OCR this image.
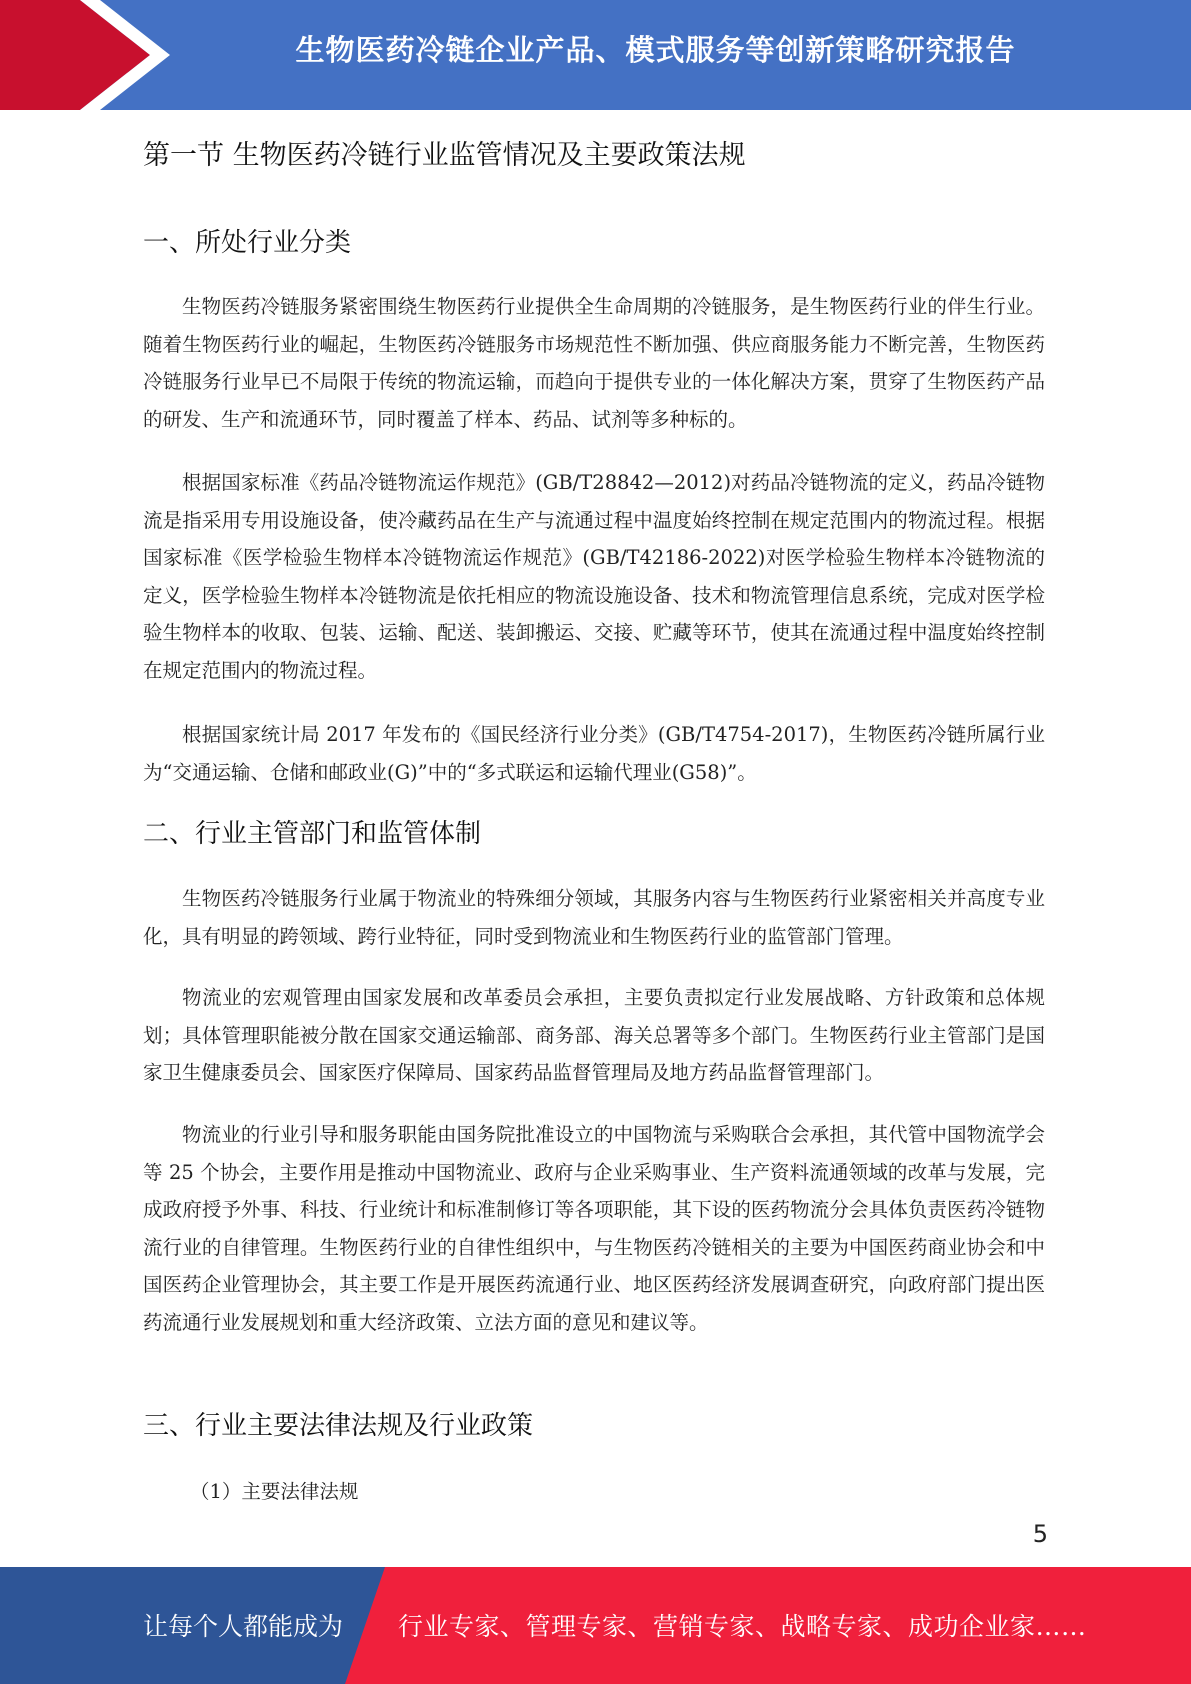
生物医药冷链企业产品、模式服务等创新策略研究报告
第一节 生物医药冷链行业监管情况及主要政策法规
一、所处行业分类

生物医药冷链服务紧密围绕生物医药行业提供全生命周期的冷链服务，是生物医药行业的伴生行业。随着生物医药行业的崛起，生物医药冷链服务市场规范性不断加强、供应商服务能力不断完善，生物医药冷链服务行业早已不局限于传统的物流运输，而趋向于提供专业的一体化解决方案，贯穿了生物医药产品的研发、生产和流通环节，同时覆盖了样本、药品、试剂等多种标的。

根据国家标准《药品冷链物流运作规范》(GB/T28842—2012)对药品冷链物流的定义，药品冷链物流是指采用专用设施设备，使冷藏药品在生产与流通过程中温度始终控制在规定范围内的物流过程。根据国家标准《医学检验生物样本冷链物流运作规范》(GB/T42186-2022)对医学检验生物样本冷链物流的定义，医学检验生物样本冷链物流是依托相应的物流设施设备、技术和物流管理信息系统，完成对医学检验生物样本的收取、包装、运输、配送、装卸搬运、交接、贮藏等环节，使其在流通过程中温度始终控制在规定范围内的物流过程。

根据国家统计局 2017 年发布的《国民经济行业分类》(GB/T4754-2017)，生物医药冷链所属行业为“交通运输、仓储和邮政业(G)”中的“多式联运和运输代理业(G58)”。

二、行业主管部门和监管体制

生物医药冷链服务行业属于物流业的特殊细分领域，其服务内容与生物医药行业紧密相关并高度专业化，具有明显的跨领域、跨行业特征，同时受到物流业和生物医药行业的监管部门管理。

物流业的宏观管理由国家发展和改革委员会承担，主要负责拟定行业发展战略、方针政策和总体规划；具体管理职能被分散在国家交通运输部、商务部、海关总署等多个部门。生物医药行业主管部门是国家卫生健康委员会、国家医疗保障局、国家药品监督管理局及地方药品监督管理部门。

物流业的行业引导和服务职能由国务院批准设立的中国物流与采购联合会承担，其代管中国物流学会等 25 个协会，主要作用是推动中国物流业、政府与企业采购事业、生产资料流通领域的改革与发展，完成政府授予外事、科技、行业统计和标准制修订等各项职能，其下设的医药物流分会具体负责医药冷链物流行业的自律管理。生物医药行业的自律性组织中，与生物医药冷链相关的主要为中国医药商业协会和中国医药企业管理协会，其主要工作是开展医药流通行业、地区医药经济发展调查研究，向政府部门提出医药流通行业发展规划和重大经济政策、立法方面的意见和建议等。

三、行业主要法律法规及行业政策

（1）主要法律法规

5
让每个人都能成为 行业专家、管理专家、营销专家、战略专家、成功企业家……
